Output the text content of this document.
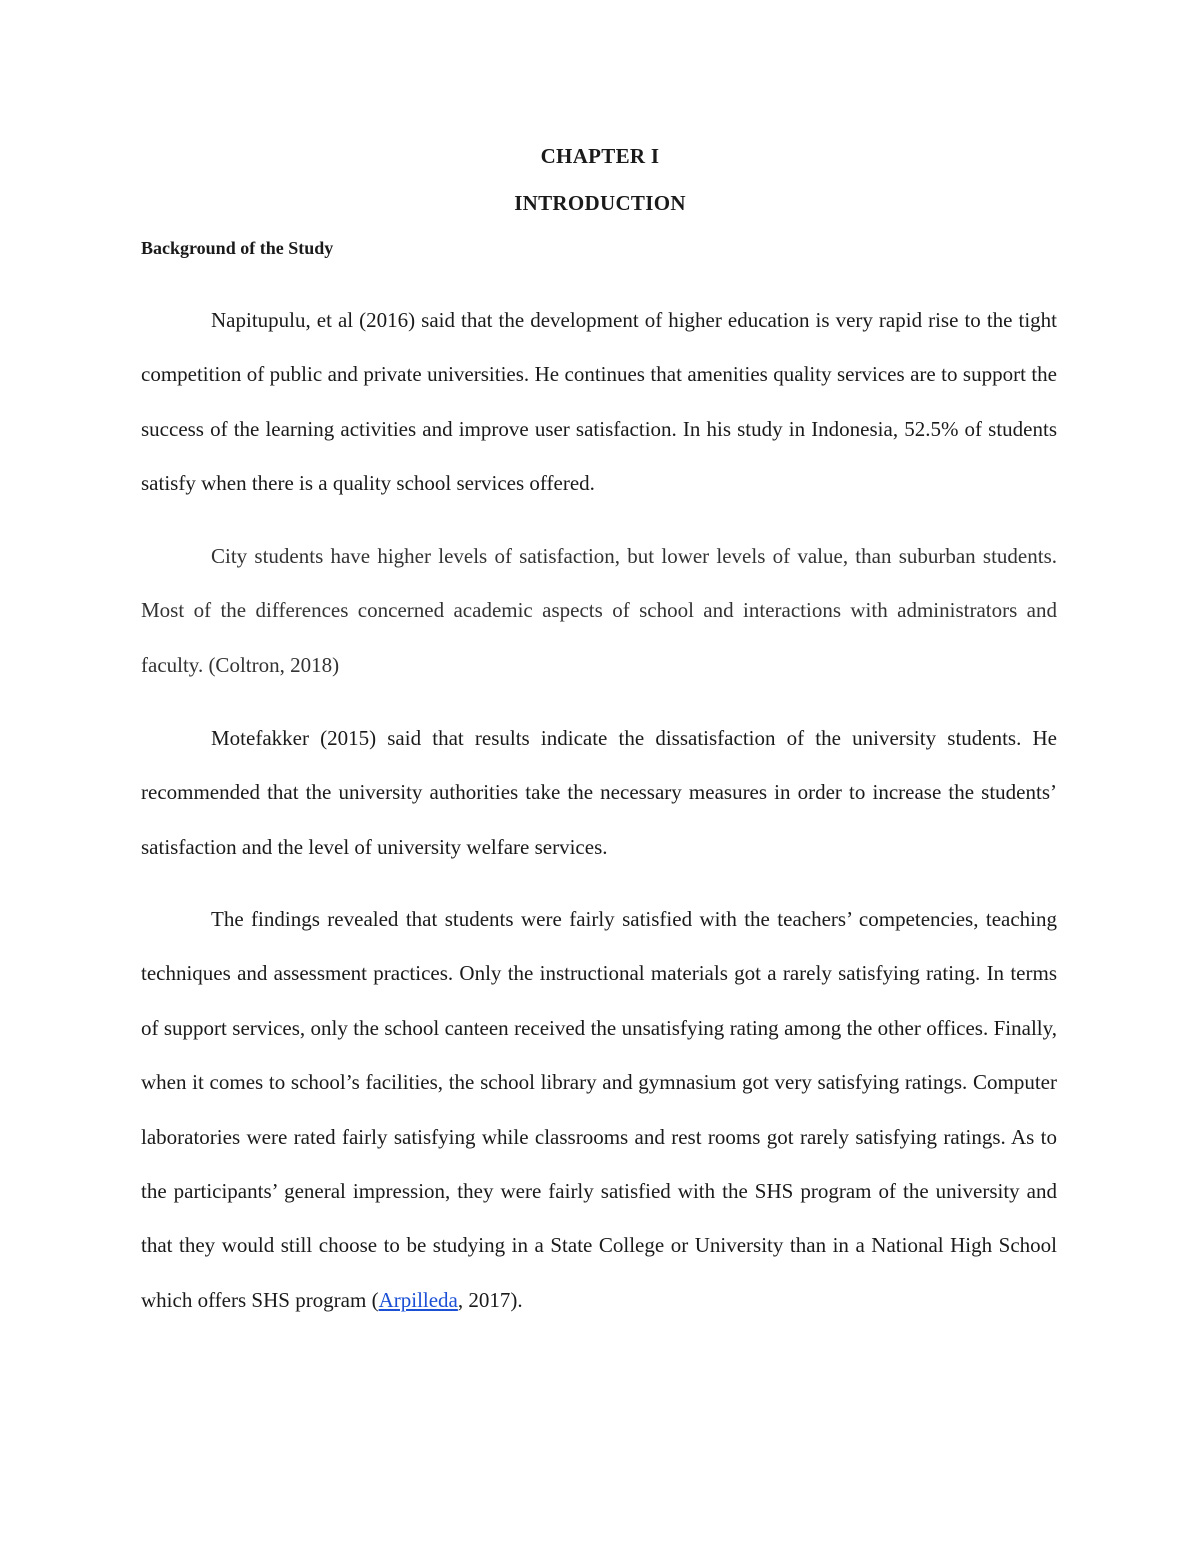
CHAPTER I
INTRODUCTION
Background of the Study

Napitupulu, et al (2016) said that the development of higher education is very rapid rise to the tight competition of public and private universities. He continues that amenities quality services are to support the success of the learning activities and improve user satisfaction. In his study in Indonesia, 52.5% of students satisfy when there is a quality school services offered.

City students have higher levels of satisfaction, but lower levels of value, than suburban students. Most of the differences concerned academic aspects of school and interactions with administrators and faculty. (Coltron, 2018)

Motefakker (2015) said that results indicate the dissatisfaction of the university students. He recommended that the university authorities take the necessary measures in order to increase the students’ satisfaction and the level of university welfare services.

The findings revealed that students were fairly satisfied with the teachers’ competencies, teaching techniques and assessment practices. Only the instructional materials got a rarely satisfying rating. In terms of support services, only the school canteen received the unsatisfying rating among the other offices. Finally, when it comes to school’s facilities, the school library and gymnasium got very satisfying ratings. Computer laboratories were rated fairly satisfying while classrooms and rest rooms got rarely satisfying ratings. As to the participants’ general impression, they were fairly satisfied with the SHS program of the university and that they would still choose to be studying in a State College or University than in a National High School which offers SHS program (Arpilleda, 2017).
